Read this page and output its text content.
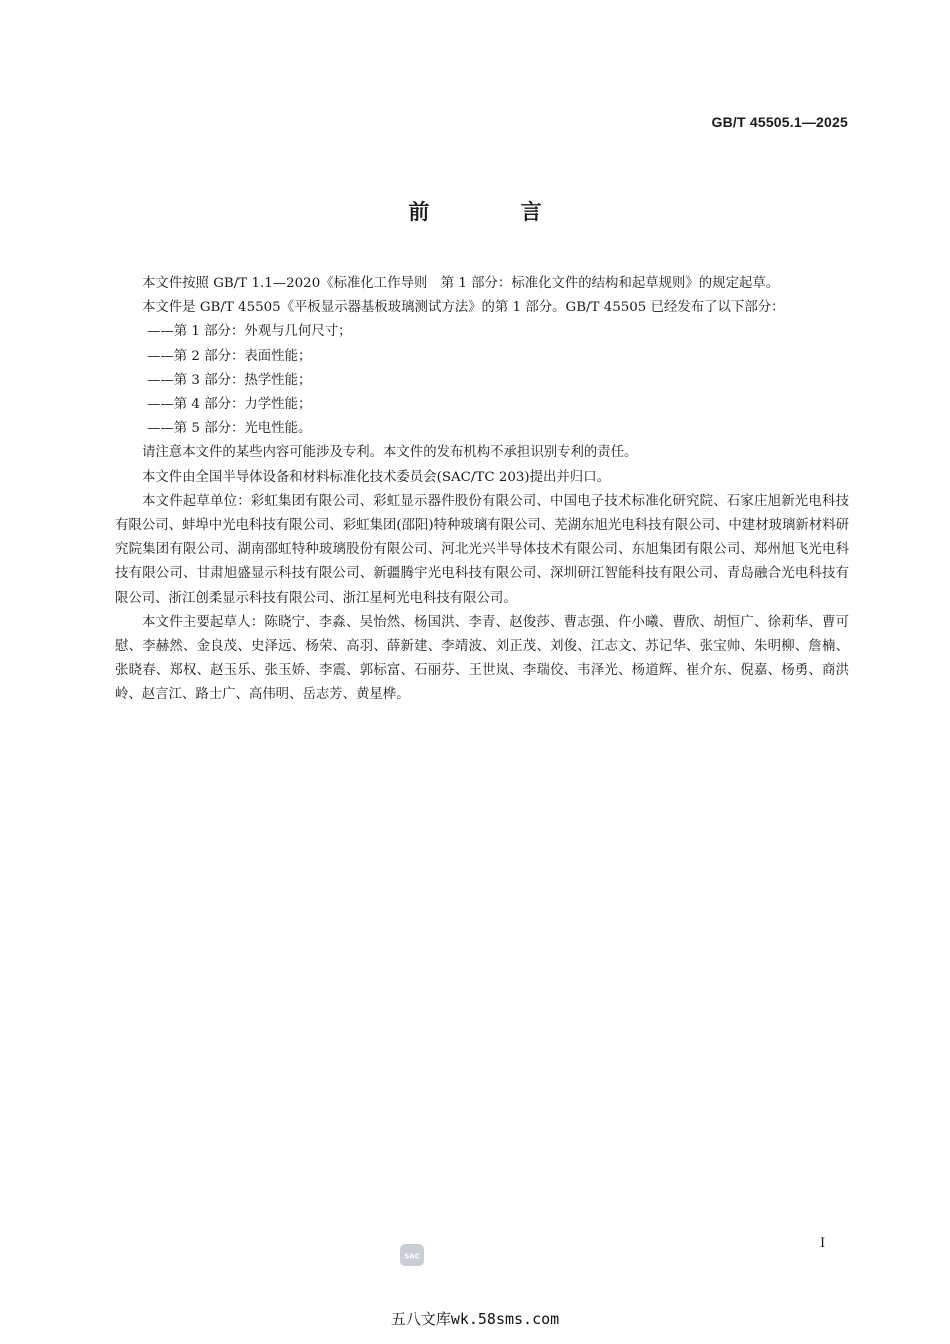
GB/T 45505.1—2025
前 言

本文件按照 GB/T 1.1—2020《标准化工作导则　第 1 部分：标准化文件的结构和起草规则》的规定起草。

本文件是 GB/T 45505《平板显示器基板玻璃测试方法》的第 1 部分。GB/T 45505 已经发布了以下部分：

——第 1 部分：外观与几何尺寸；

——第 2 部分：表面性能；

——第 3 部分：热学性能；

——第 4 部分：力学性能；

——第 5 部分：光电性能。

请注意本文件的某些内容可能涉及专利。本文件的发布机构不承担识别专利的责任。

本文件由全国半导体设备和材料标准化技术委员会(SAC/TC 203)提出并归口。

本文件起草单位：彩虹集团有限公司、彩虹显示器件股份有限公司、中国电子技术标准化研究院、石家庄旭新光电科技有限公司、蚌埠中光电科技有限公司、彩虹集团(邵阳)特种玻璃有限公司、芜湖东旭光电科技有限公司、中建材玻璃新材料研究院集团有限公司、湖南邵虹特种玻璃股份有限公司、河北光兴半导体技术有限公司、东旭集团有限公司、郑州旭飞光电科技有限公司、甘肃旭盛显示科技有限公司、新疆腾宇光电科技有限公司、深圳研江智能科技有限公司、青岛融合光电科技有限公司、浙江创柔显示科技有限公司、浙江星柯光电科技有限公司。

本文件主要起草人：陈晓宁、李淼、吴怡然、杨国洪、李青、赵俊莎、曹志强、仵小曦、曹欣、胡恒广、徐莉华、曹可慰、李赫然、金良茂、史泽远、杨荣、高羽、薛新建、李靖波、刘正茂、刘俊、江志文、苏记华、张宝帅、朱明柳、詹楠、张晓春、郑权、赵玉乐、张玉娇、李震、郭标富、石丽芬、王世岚、李瑞佼、韦泽光、杨道辉、崔介东、倪嘉、杨勇、商洪岭、赵言江、路士广、高伟明、岳志芳、黄星桦。

I
SAC
五八文库wk.58sms.com
